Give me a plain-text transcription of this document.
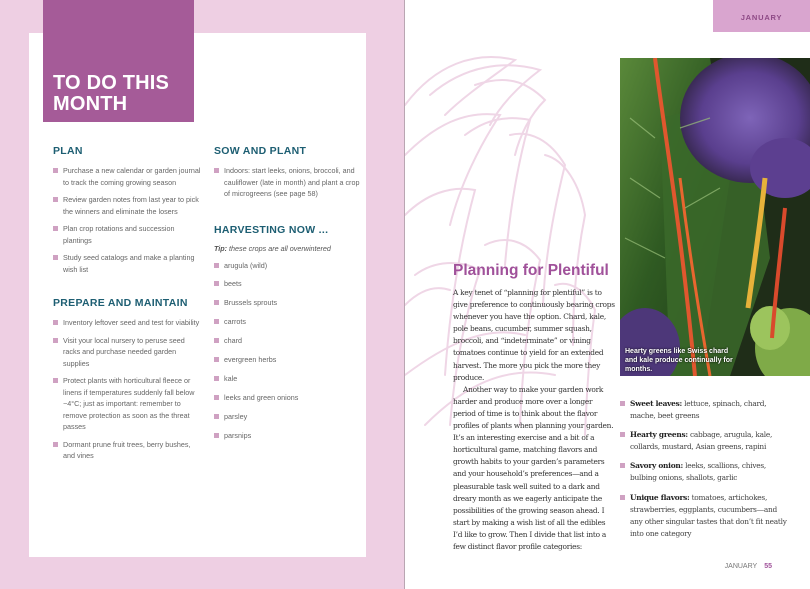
TO DO THIS
MONTH
PLAN
Purchase a new calendar or garden journal to track the coming growing season
Review garden notes from last year to pick the winners and eliminate the losers
Plan crop rotations and succession plantings
Study seed catalogs and make a planting wish list
PREPARE AND MAINTAIN
Inventory leftover seed and test for viability
Visit your local nursery to peruse seed racks and purchase needed garden supplies
Protect plants with horticultural fleece or linens if temperatures suddenly fall below −4°C; just as important: remember to remove protection as soon as the threat passes
Dormant prune fruit trees, berry bushes, and vines
SOW AND PLANT
Indoors: start leeks, onions, broccoli, and cauliflower (late in month) and plant a crop of microgreens (see page 58)
HARVESTING NOW ...
Tip: these crops are all overwintered
arugula (wild)
beets
Brussels sprouts
carrots
chard
evergreen herbs
kale
leeks and green onions
parsley
parsnips
JANUARY
Hearty greens like Swiss chard and kale produce continually for months.
Planning for Plentiful

A key tenet of “planning for plentiful” is to give preference to continuously bearing crops whenever you have the option. Chard, kale, pole beans, cucumber, summer squash, broccoli, and “indeterminate” or vining tomatoes continue to yield for an extended harvest. The more you pick the more they produce.

Another way to make your garden work harder and produce more over a longer period of time is to think about the flavor profiles of plants when planning your garden. It’s an interesting exercise and a bit of a horticultural game, matching flavors and growth habits to your garden’s parameters and your household’s preferences—and a pleasurable task well suited to a dark and dreary month as we eagerly anticipate the possibilities of the growing season ahead. I start by making a wish list of all the edibles I’d like to grow. Then I divide that list into a few distinct flavor profile categories:

Sweet leaves: lettuce, spinach, chard, mache, beet greens
Hearty greens: cabbage, arugula, kale, collards, mustard, Asian greens, rapini
Savory onion: leeks, scallions, chives, bulbing onions, shallots, garlic
Unique flavors: tomatoes, artichokes, strawberries, eggplants, cucumbers—and any other singular tastes that don’t fit neatly into one category
JANUARY 55
